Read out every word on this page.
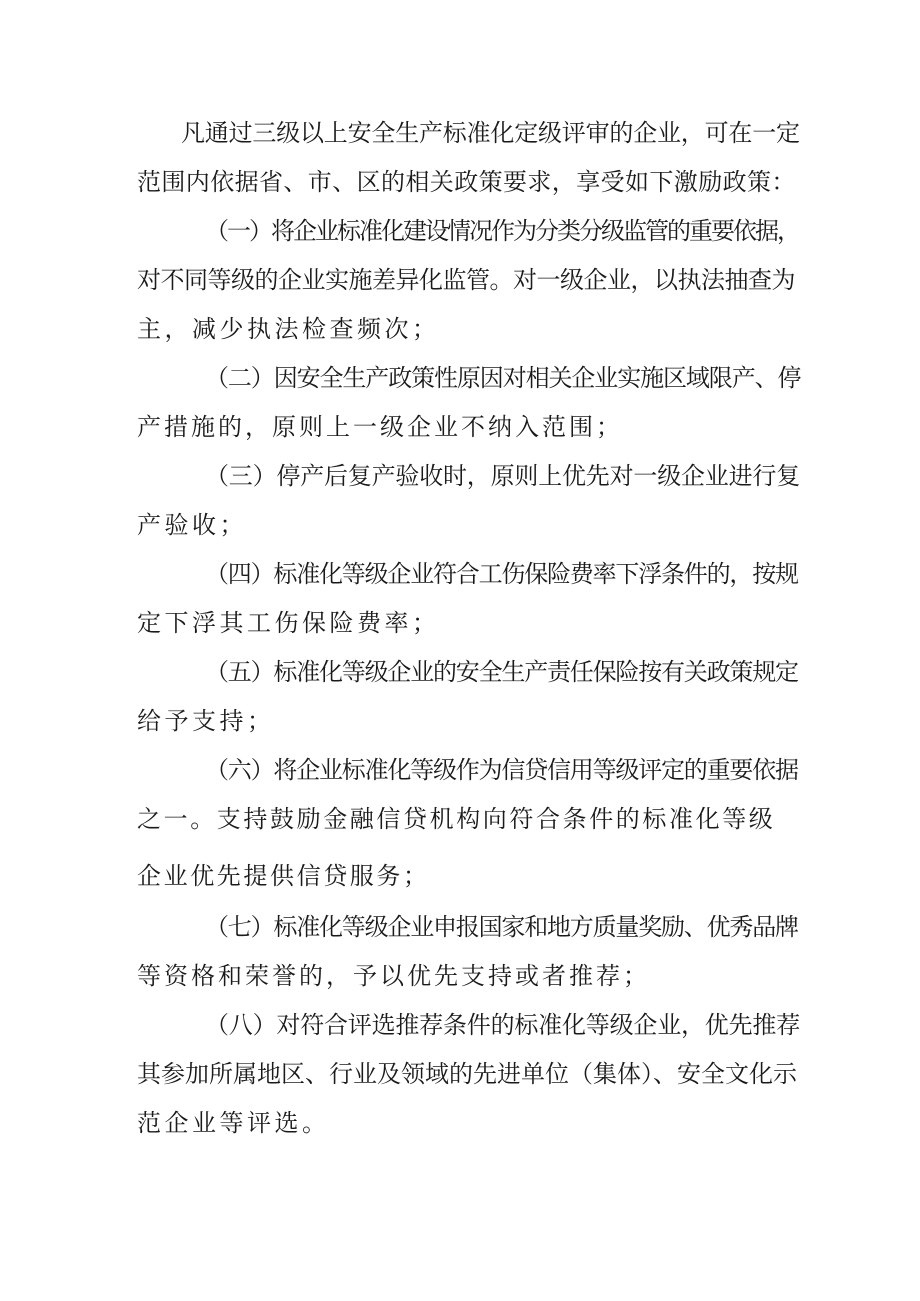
凡通过三级以上安全生产标准化定级评审的企业，可在一定

范围内依据省、市、区的相关政策要求，享受如下激励政策：

（一）将企业标准化建设情况作为分类分级监管的重要依据，

对不同等级的企业实施差异化监管。对一级企业，以执法抽查为

主，减少执法检查频次；

（二）因安全生产政策性原因对相关企业实施区域限产、停

产措施的，原则上一级企业不纳入范围；

（三）停产后复产验收时，原则上优先对一级企业进行复

产验收；

（四）标准化等级企业符合工伤保险费率下浮条件的，按规

定下浮其工伤保险费率；

（五）标准化等级企业的安全生产责任保险按有关政策规定

给予支持；

（六）将企业标准化等级作为信贷信用等级评定的重要依据

之一。支持鼓励金融信贷机构向符合条件的标准化等级

企业优先提供信贷服务；

（七）标准化等级企业申报国家和地方质量奖励、优秀品牌

等资格和荣誉的，予以优先支持或者推荐；

（八）对符合评选推荐条件的标准化等级企业，优先推荐

其参加所属地区、行业及领域的先进单位（集体）、安全文化示

范企业等评选。
